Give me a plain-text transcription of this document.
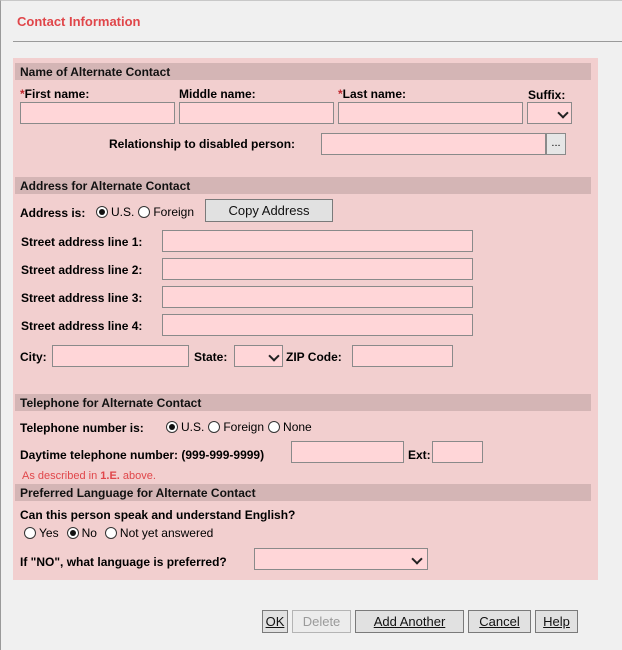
Contact Information
Name of Alternate Contact
*First name:	Middle name:	*Last name:	Suffix:
Relationship to disabled person:	...
Address for Alternate Contact
Address is: U.S. Foreign	Copy Address
Street address line 1:
Street address line 2:
Street address line 3:
Street address line 4:
City:	State:	ZIP Code:
Telephone for Alternate Contact
Telephone number is:	U.S. Foreign None
Daytime telephone number: (999-999-9999)	Ext:
As described in 1.E. above.
Preferred Language for Alternate Contact
Can this person speak and understand English?
Yes No Not yet answered
If "NO", what language is preferred?
OK	Delete	Add Another	Cancel	Help
